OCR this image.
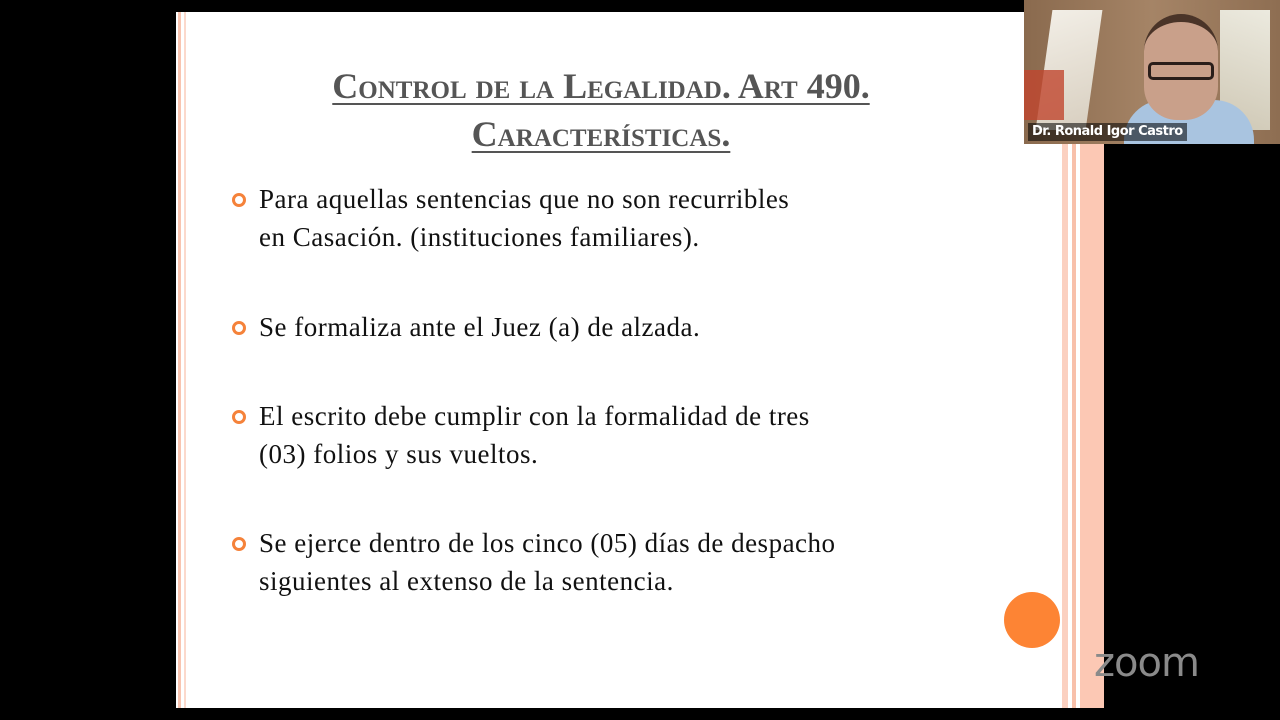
Control de la Legalidad. Art 490.
Características.
Para aquellas sentencias que no son recurribles
en Casación. (instituciones familiares).
Se formaliza ante el Juez (a) de alzada.
El escrito debe cumplir con la formalidad de tres
(03) folios y sus vueltos.
Se ejerce dentro de los cinco (05) días de despacho
siguientes al extenso de la sentencia.
Dr. Ronald Igor Castro
zoom
